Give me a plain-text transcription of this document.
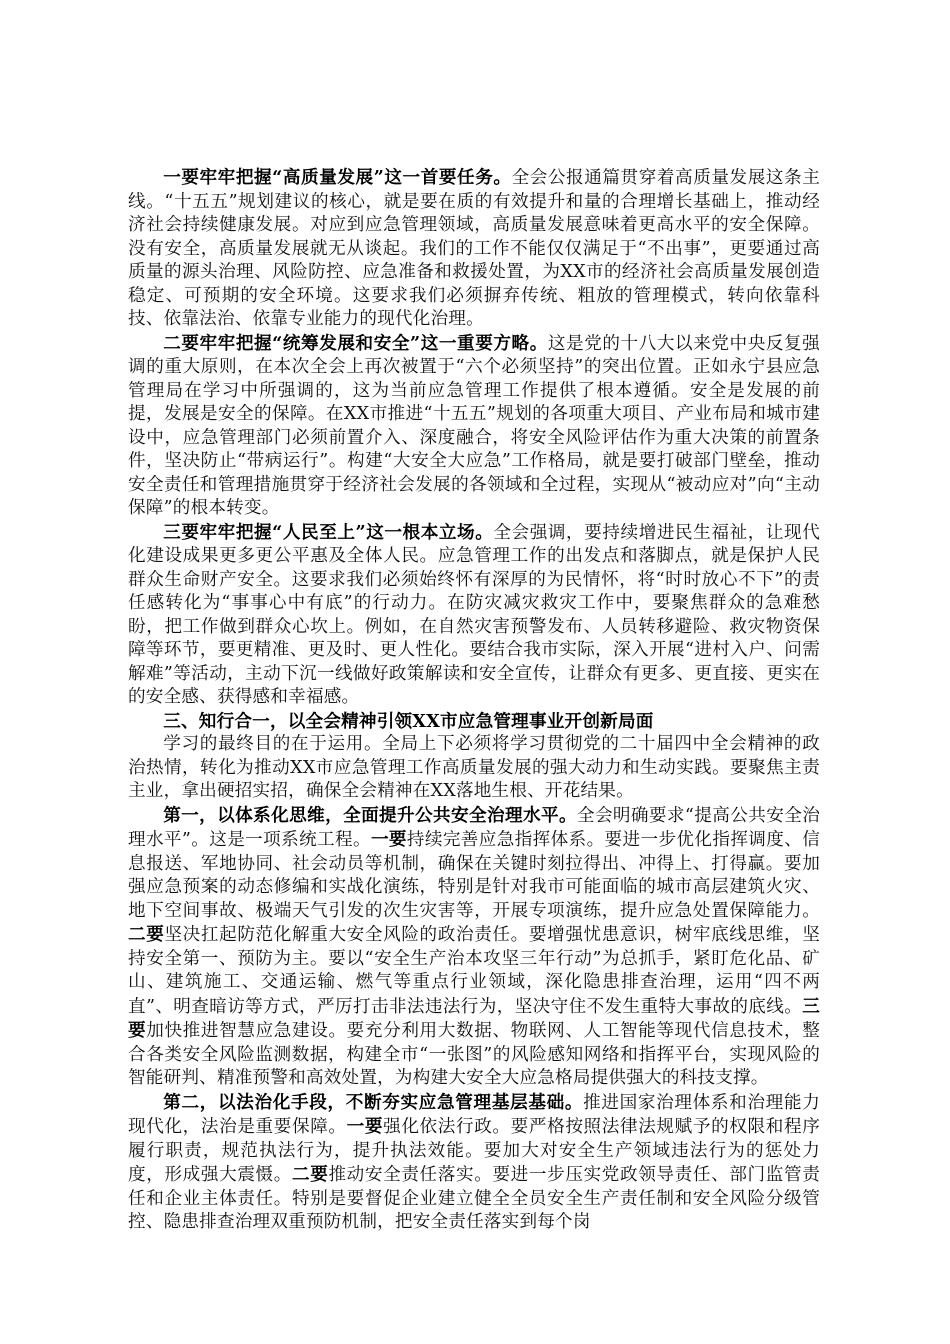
一要牢牢把握“高质量发展”这一首要任务。全会公报通篇贯穿着高质量发展这条主线。“十五五”规划建议的核心，就是要在质的有效提升和量的合理增长基础上，推动经济社会持续健康发展。对应到应急管理领域，高质量发展意味着更高水平的安全保障。没有安全，高质量发展就无从谈起。我们的工作不能仅仅满足于“不出事”，更要通过高质量的源头治理、风险防控、应急准备和救援处置，为XX市的经济社会高质量发展创造稳定、可预期的安全环境。这要求我们必须摒弃传统、粗放的管理模式，转向依靠科技、依靠法治、依靠专业能力的现代化治理。

二要牢牢把握“统筹发展和安全”这一重要方略。这是党的十八大以来党中央反复强调的重大原则，在本次全会上再次被置于“六个必须坚持”的突出位置。正如永宁县应急管理局在学习中所强调的，这为当前应急管理工作提供了根本遵循。安全是发展的前提，发展是安全的保障。在XX市推进“十五五”规划的各项重大项目、产业布局和城市建设中，应急管理部门必须前置介入、深度融合，将安全风险评估作为重大决策的前置条件，坚决防止“带病运行”。构建“大安全大应急”工作格局，就是要打破部门壁垒，推动安全责任和管理措施贯穿于经济社会发展的各领域和全过程，实现从“被动应对”向“主动保障”的根本转变。

三要牢牢把握“人民至上”这一根本立场。全会强调，要持续增进民生福祉，让现代化建设成果更多更公平惠及全体人民。应急管理工作的出发点和落脚点，就是保护人民群众生命财产安全。这要求我们必须始终怀有深厚的为民情怀，将“时时放心不下”的责任感转化为“事事心中有底”的行动力。在防灾减灾救灾工作中，要聚焦群众的急难愁盼，把工作做到群众心坎上。例如，在自然灾害预警发布、人员转移避险、救灾物资保障等环节，要更精准、更及时、更人性化。要结合我市实际，深入开展“进村入户、问需解难”等活动，主动下沉一线做好政策解读和安全宣传，让群众有更多、更直接、更实在的安全感、获得感和幸福感。

三、知行合一，以全会精神引领XX市应急管理事业开创新局面

学习的最终目的在于运用。全局上下必须将学习贯彻党的二十届四中全会精神的政治热情，转化为推动XX市应急管理工作高质量发展的强大动力和生动实践。要聚焦主责主业，拿出硬招实招，确保全会精神在XX落地生根、开花结果。

第一，以体系化思维，全面提升公共安全治理水平。全会明确要求“提高公共安全治理水平”。这是一项系统工程。一要持续完善应急指挥体系。要进一步优化指挥调度、信息报送、军地协同、社会动员等机制，确保在关键时刻拉得出、冲得上、打得赢。要加强应急预案的动态修编和实战化演练，特别是针对我市可能面临的城市高层建筑火灾、地下空间事故、极端天气引发的次生灾害等，开展专项演练，提升应急处置保障能力。二要坚决扛起防范化解重大安全风险的政治责任。要增强忧患意识，树牢底线思维，坚持安全第一、预防为主。要以“安全生产治本攻坚三年行动”为总抓手，紧盯危化品、矿山、建筑施工、交通运输、燃气等重点行业领域，深化隐患排查治理，运用“四不两直”、明查暗访等方式，严厉打击非法违法行为，坚决守住不发生重特大事故的底线。三要加快推进智慧应急建设。要充分利用大数据、物联网、人工智能等现代信息技术，整合各类安全风险监测数据，构建全市“一张图”的风险感知网络和指挥平台，实现风险的智能研判、精准预警和高效处置，为构建大安全大应急格局提供强大的科技支撑。

第二，以法治化手段，不断夯实应急管理基层基础。推进国家治理体系和治理能力现代化，法治是重要保障。一要强化依法行政。要严格按照法律法规赋予的权限和程序履行职责，规范执法行为，提升执法效能。要加大对安全生产领域违法行为的惩处力度，形成强大震慑。二要推动安全责任落实。要进一步压实党政领导责任、部门监管责任和企业主体责任。特别是要督促企业建立健全全员安全生产责任制和安全风险分级管控、隐患排查治理双重预防机制，把安全责任落实到每个岗
